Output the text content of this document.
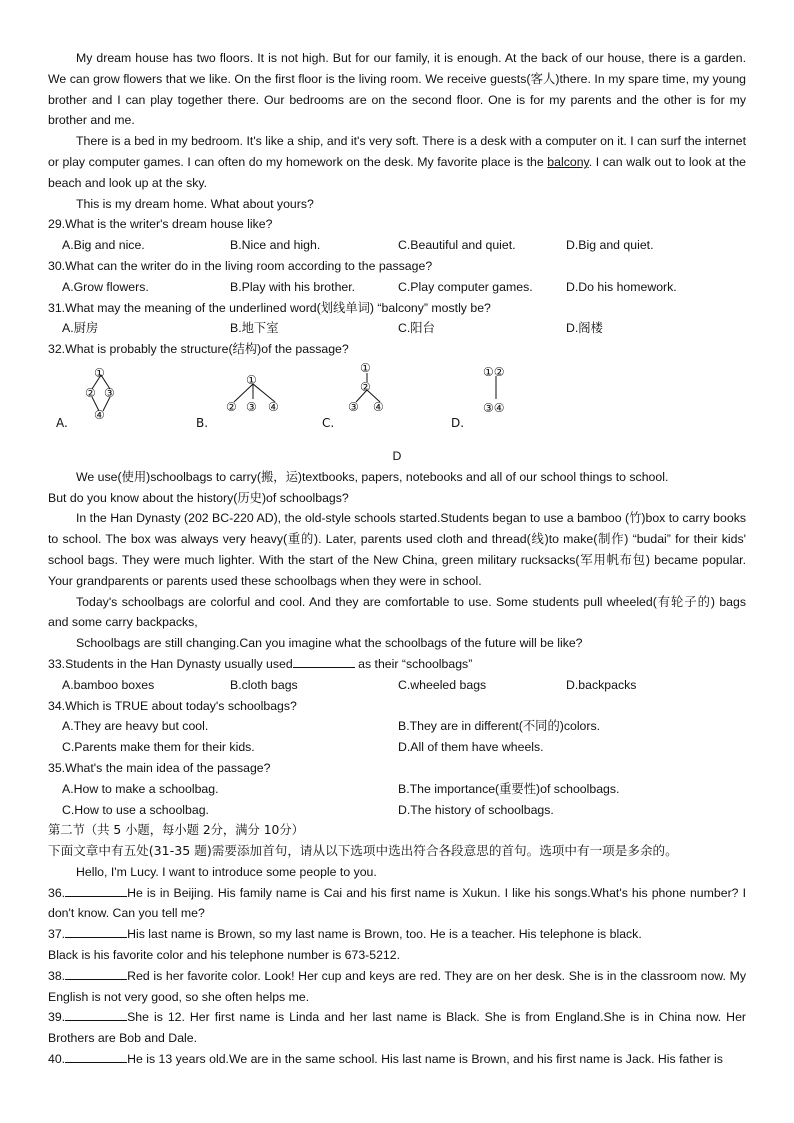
My dream house has two floors. It is not high. But for our family, it is enough. At the back of our house, there is a garden. We can grow flowers that we like. On the first floor is the living room. We receive guests(客人)there. In my spare time, my young brother and I can play together there. Our bedrooms are on the second floor. One is for my parents and the other is for my brother and me.

There is a bed in my bedroom. It's like a ship, and it's very soft. There is a desk with a computer on it. I can surf the internet or play computer games. I can often do my homework on the desk. My favorite place is the balcony. I can walk out to look at the beach and look up at the sky.

This is my dream home. What about yours?

29.What is the writer's dream house like?

A.Big and nice.	B.Nice and high.	C.Beautiful and quiet.	D.Big and quiet.

30.What can the writer do in the living room according to the passage?

A.Grow flowers.	B.Play with his brother.	C.Play computer games.	D.Do his homework.

31.What may the meaning of the underlined word(划线单词) “balcony” mostly be?

A.厨房	B.地下室	C.阳台	D.阁楼

32.What is probably the structure(结构)of the passage?

A.	B.	C.	D.
①
② ③
④
①
② ③ ④
①
②
③ ④
①②
③④

D

We use(使用)schoolbags to carry(搬，运)textbooks, papers, notebooks and all of our school things to school.

But do you know about the history(历史)of schoolbags?

In the Han Dynasty (202 BC-220 AD), the old-style schools started.Students began to use a bamboo (竹)box to carry books to school. The box was always very heavy(重的). Later, parents used cloth and thread(线)to make(制作) “budai” for their kids' school bags. They were much lighter. With the start of the New China, green military rucksacks(军用帆布包) became popular. Your grandparents or parents used these schoolbags when they were in school.

Today's schoolbags are colorful and cool. And they are comfortable to use. Some students pull wheeled(有轮子的) bags and some carry backpacks,

Schoolbags are still changing.Can you imagine what the schoolbags of the future will be like?

33.Students in the Han Dynasty usually used	as their “schoolbags”

A.bamboo boxes	B.cloth bags	C.wheeled bags	D.backpacks

34.Which is TRUE about today's schoolbags?

A.They are heavy but cool.	B.They are in different(不同的)colors.
C.Parents make them for their kids.	D.All of them have wheels.

35.What's the main idea of the passage?

A.How to make a schoolbag.	B.The importance(重要性)of schoolbags.
C.How to use a schoolbag.	D.The history of schoolbags.

第二节（共 5 小题，每小题 2分，满分 10分）

下面文章中有五处(31-35 题)需要添加首句，请从以下选项中选出符合各段意思的首句。选项中有一项是多余的。

Hello, I'm Lucy. I want to introduce some people to you.

36.	He is in Beijing. His family name is Cai and his first name is Xukun. I like his songs.What's his phone number? I don't know. Can you tell me?

37.	His last name is Brown, so my last name is Brown, too. He is a teacher. His telephone is black.

Black is his favorite color and his telephone number is 673-5212.

38.	Red is her favorite color. Look! Her cup and keys are red. They are on her desk. She is in the classroom now. My English is not very good, so she often helps me.

39.	She is 12. Her first name is Linda and her last name is Black. She is from England.She is in China now. Her Brothers are Bob and Dale.

40.	He is 13 years old.We are in the same school. His last name is Brown, and his first name is Jack. His father is
